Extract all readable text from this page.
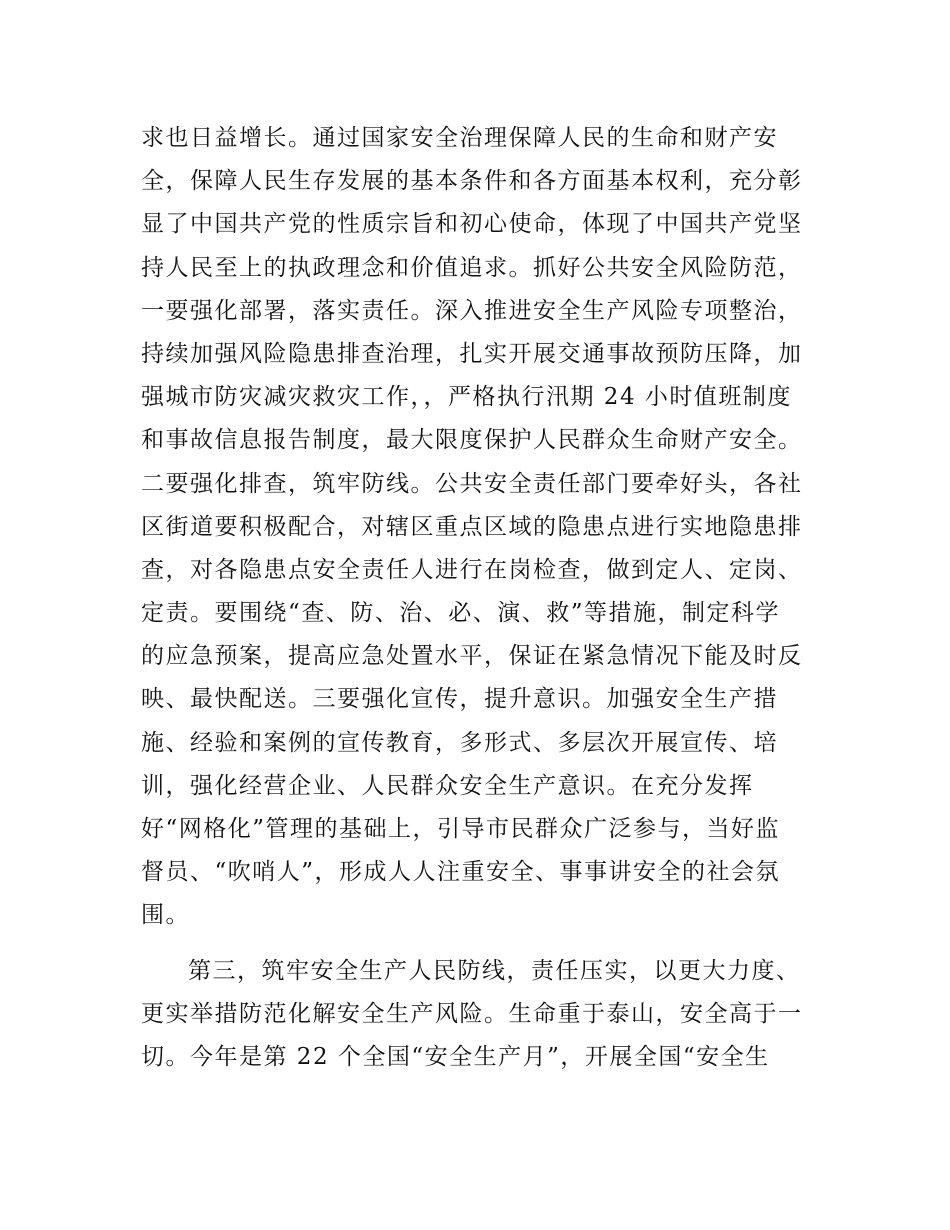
求也日益增长。通过国家安全治理保障人民的生命和财产安
全，保障人民生存发展的基本条件和各方面基本权利，充分彰
显了中国共产党的性质宗旨和初心使命，体现了中国共产党坚
持人民至上的执政理念和价值追求。抓好公共安全风险防范，
一要强化部署，落实责任。深入推进安全生产风险专项整治，
持续加强风险隐患排查治理，扎实开展交通事故预防压降，加
强城市防灾减灾救灾工作，，严格执行汛期 24 小时值班制度
和事故信息报告制度，最大限度保护人民群众生命财产安全。
二要强化排查，筑牢防线。公共安全责任部门要牵好头，各社
区街道要积极配合，对辖区重点区域的隐患点进行实地隐患排
查，对各隐患点安全责任人进行在岗检查，做到定人、定岗、
定责。要围绕“查、防、治、必、演、救”等措施，制定科学
的应急预案，提高应急处置水平，保证在紧急情况下能及时反
映、最快配送。三要强化宣传，提升意识。加强安全生产措
施、经验和案例的宣传教育，多形式、多层次开展宣传、培
训，强化经营企业、人民群众安全生产意识。在充分发挥
好“网格化”管理的基础上，引导市民群众广泛参与，当好监
督员、“吹哨人”，形成人人注重安全、事事讲安全的社会氛
围。
第三，筑牢安全生产人民防线，责任压实，以更大力度、
更实举措防范化解安全生产风险。生命重于泰山，安全高于一
切。今年是第 22 个全国“安全生产月”，开展全国“安全生
